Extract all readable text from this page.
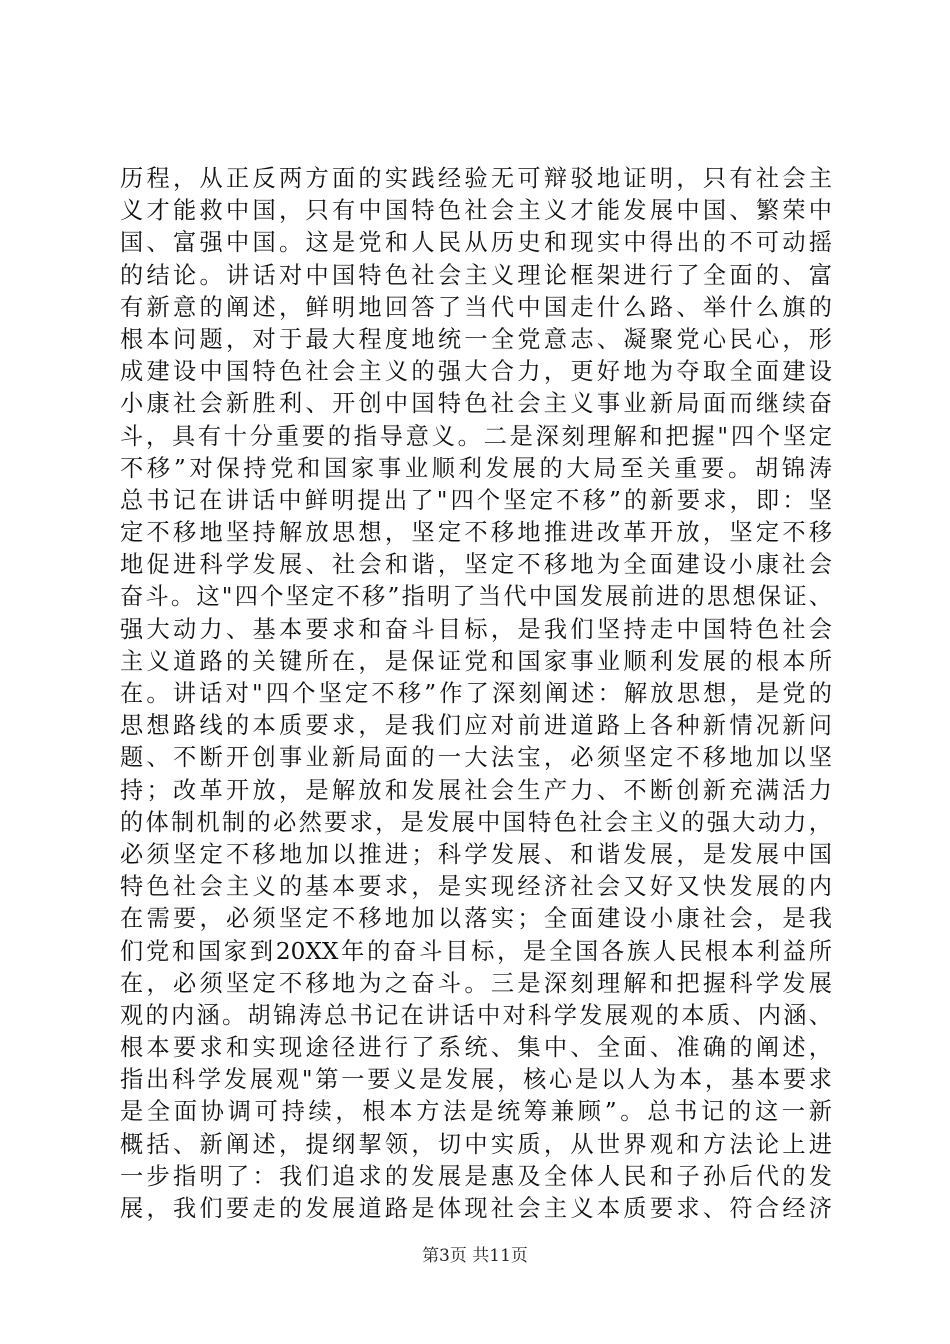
历程，从正反两方面的实践经验无可辩驳地证明，只有社会主
义才能救中国，只有中国特色社会主义才能发展中国、繁荣中
国、富强中国。这是党和人民从历史和现实中得出的不可动摇
的结论。讲话对中国特色社会主义理论框架进行了全面的、富
有新意的阐述，鲜明地回答了当代中国走什么路、举什么旗的
根本问题，对于最大程度地统一全党意志、凝聚党心民心，形
成建设中国特色社会主义的强大合力，更好地为夺取全面建设
小康社会新胜利、开创中国特色社会主义事业新局面而继续奋
斗，具有十分重要的指导意义。二是深刻理解和把握"四个坚定
不移”对保持党和国家事业顺利发展的大局至关重要。胡锦涛
总书记在讲话中鲜明提出了"四个坚定不移”的新要求，即：坚
定不移地坚持解放思想，坚定不移地推进改革开放，坚定不移
地促进科学发展、社会和谐，坚定不移地为全面建设小康社会
奋斗。这"四个坚定不移”指明了当代中国发展前进的思想保证、
强大动力、基本要求和奋斗目标，是我们坚持走中国特色社会
主义道路的关键所在，是保证党和国家事业顺利发展的根本所
在。讲话对"四个坚定不移”作了深刻阐述：解放思想，是党的
思想路线的本质要求，是我们应对前进道路上各种新情况新问
题、不断开创事业新局面的一大法宝，必须坚定不移地加以坚
持；改革开放，是解放和发展社会生产力、不断创新充满活力
的体制机制的必然要求，是发展中国特色社会主义的强大动力，
必须坚定不移地加以推进；科学发展、和谐发展，是发展中国
特色社会主义的基本要求，是实现经济社会又好又快发展的内
在需要，必须坚定不移地加以落实；全面建设小康社会，是我
们党和国家到20XX年的奋斗目标，是全国各族人民根本利益所
在，必须坚定不移地为之奋斗。三是深刻理解和把握科学发展
观的内涵。胡锦涛总书记在讲话中对科学发展观的本质、内涵、
根本要求和实现途径进行了系统、集中、全面、准确的阐述，
指出科学发展观"第一要义是发展，核心是以人为本，基本要求
是全面协调可持续，根本方法是统筹兼顾”。总书记的这一新
概括、新阐述，提纲挈领，切中实质，从世界观和方法论上进
一步指明了：我们追求的发展是惠及全体人民和子孙后代的发
展，我们要走的发展道路是体现社会主义本质要求、符合经济
第3页 共11页
